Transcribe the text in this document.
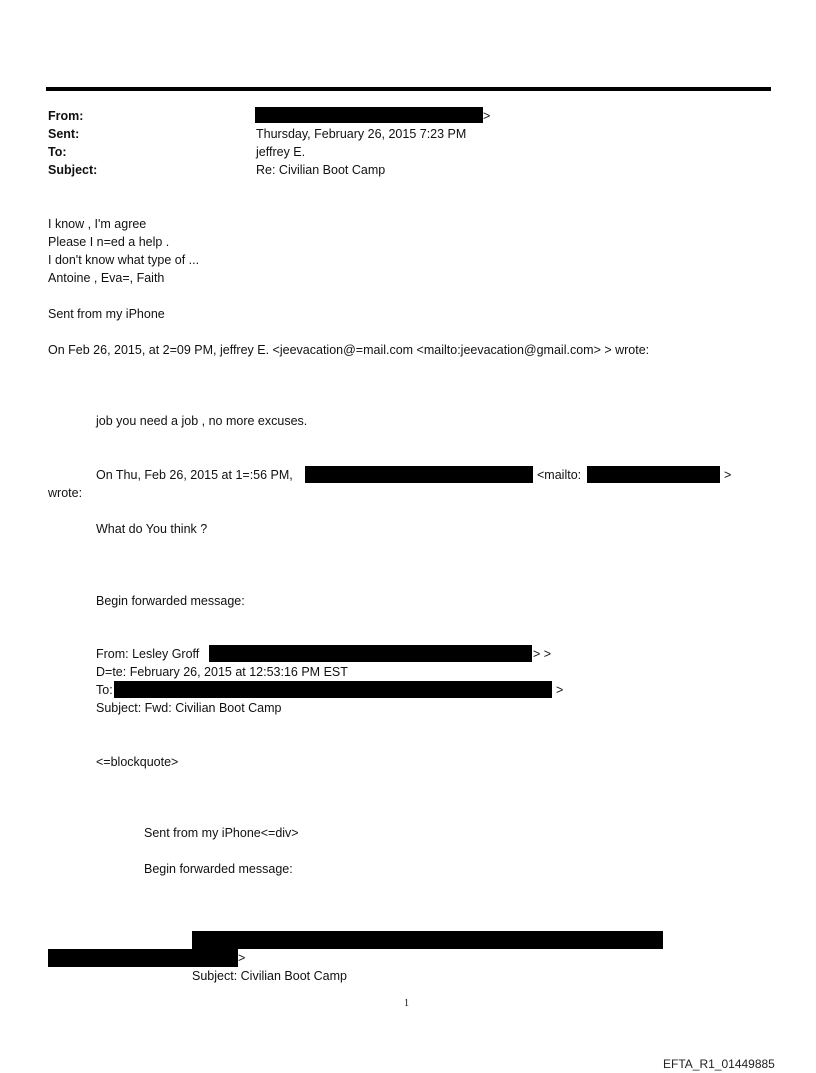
From:	>
Sent:	Thursday, February 26, 2015 7:23 PM
To:	jeffrey E.
Subject:	Re: Civilian Boot Camp
I know , I'm agree
Please I n=ed a help .
I don't know what type of ...
Antoine , Eva=, Faith
Sent from my iPhone
On Feb 26, 2015, at 2=09 PM, jeffrey E. <jeevacation@=mail.com <mailto:jeevacation@gmail.com> > wrote:
job you need a job , no more excuses.
On Thu, Feb 26, 2015 at 1=:56 PM,	<mailto:	>
wrote:
What do You think ?
Begin forwarded message:
From: Lesley Groff	> >
D=te: February 26, 2015 at 12:53:16 PM EST
To:	>
Subject: Fwd: Civilian Boot Camp
<=blockquote>
Sent from my iPhone<=div>
Begin forwarded message:
>
Subject: Civilian Boot Camp
1
EFTA_R1_01449885
